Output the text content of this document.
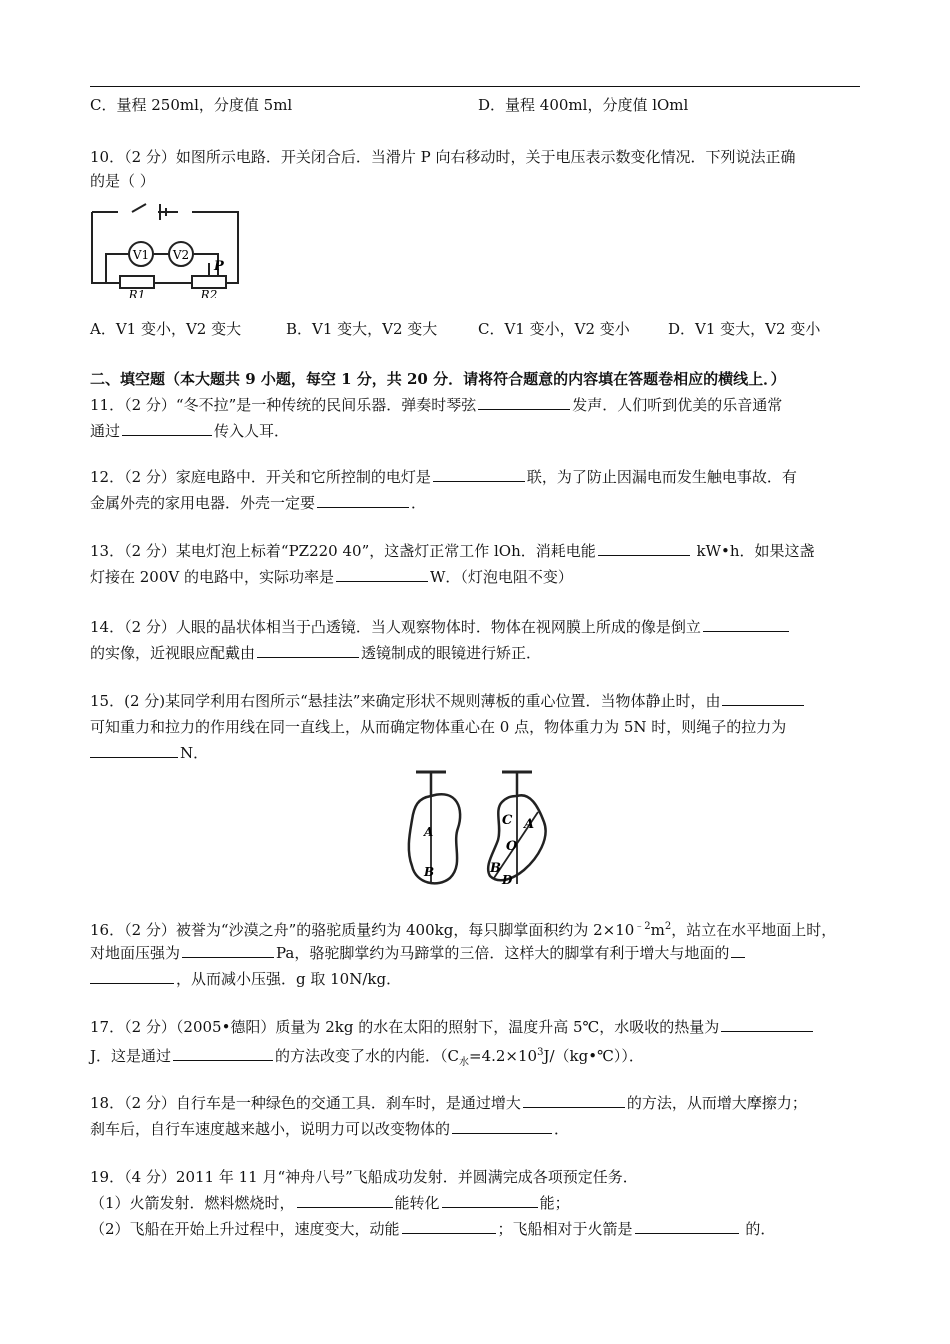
C．量程 250ml，分度值 5ml	D．量程 400ml，分度值 lOml
10．（2 分）如图所示电路．开关闭合后．当滑片 P 向右移动时，关于电压表示数变化情况．下列说法正确
的是（ ）
V1 V2
P
R1	R2
A．V1 变小，V2 变大	B．V1 变大，V2 变大	C．V1 变小，V2 变小	D．V1 变大，V2 变小
二、填空题（本大题共 9 小题，每空 1 分，共 20 分．请将符合题意的内容填在答题卷相应的横线上．）
11．（2 分）“冬不拉”是一种传统的民间乐器．弹奏时琴弦	发声．人们听到优美的乐音通常
通过	传入人耳．
12．（2 分）家庭电路中．开关和它所控制的电灯是	联，为了防止因漏电而发生触电事故．有
金属外壳的家用电器．外壳一定要	．
13．（2 分）某电灯泡上标着“PZ220 40”，这盏灯正常工作 lOh．消耗电能	kW•h．如果这盏
灯接在 200V 的电路中，实际功率是	W．（灯泡电阻不变）
14．（2 分）人眼的晶状体相当于凸透镜．当人观察物体时．物体在视网膜上所成的像是倒立
的实像，近视眼应配戴由	透镜制成的眼镜进行矫正．
15．(2 分)某同学利用右图所示“悬挂法”来确定形状不规则薄板的重心位置．当物体静止时，由
可知重力和拉力的作用线在同一直线上，从而确定物体重心在 0 点，物体重力为 5N 时，则绳子的拉力为
N．
A
B
C A
O
B
D
16．（2 分）被誉为“沙漠之舟”的骆驼质量约为 400kg，每只脚掌面积约为 $2\times 10^{﹣2}m^2$，站立在水平地面上时，
对地面压强为	Pa，骆驼脚掌约为马蹄掌的三倍．这样大的脚掌有利于增大与地面的
，从而减小压强．g 取 10N/kg．
17．（2 分）（2005•德阳）质量为 2kg 的水在太阳的照射下，温度升高 5℃，水吸收的热量为
J．这是通过	的方法改变了水的内能．$(C_水=4.2\times 10^3J/(kg•℃))$．
18．（2 分）自行车是一种绿色的交通工具．刹车时，是通过增大	的方法，从而增大摩擦力；
刹车后，自行车速度越来越小，说明力可以改变物体的	．
19．（4 分）2011 年 11 月“神舟八号”飞船成功发射．并圆满完成各项预定任务．
（1）火箭发射．燃料燃烧时，	能转化	能；
（2）飞船在开始上升过程中，速度变大，动能	；飞船相对于火箭是	的．
